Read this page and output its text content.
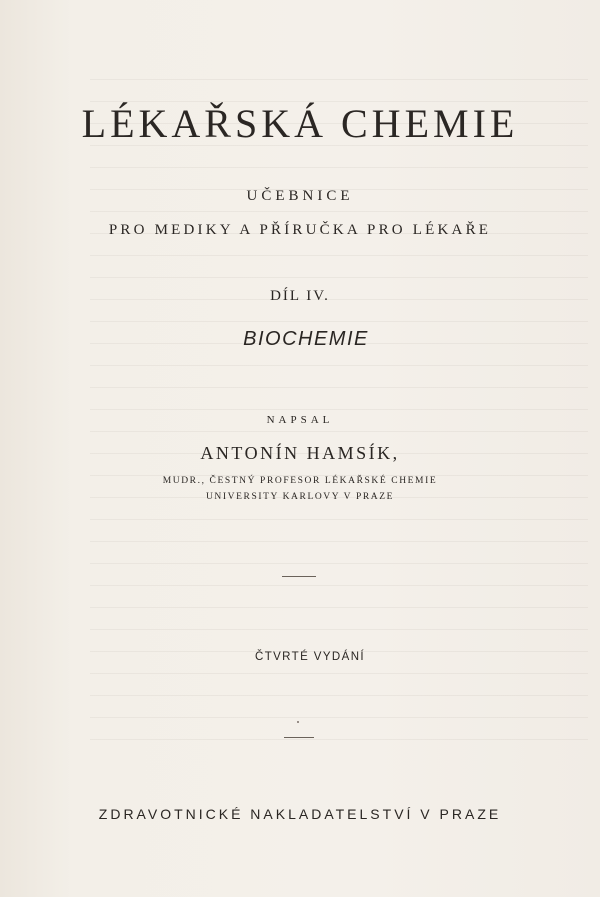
LÉKAŘSKÁ CHEMIE
UČEBNICE
PRO MEDIKY A PŘÍRUČKA PRO LÉKAŘE
DÍL IV.
BIOCHEMIE
NAPSAL
ANTONÍN HAMSÍK,
MUDR., ČESTNÝ PROFESOR LÉKAŘSKÉ CHEMIE
UNIVERSITY KARLOVY V PRAZE
ČTVRTÉ VYDÁNÍ
ZDRAVOTNICKÉ NAKLADATELSTVÍ V PRAZE
